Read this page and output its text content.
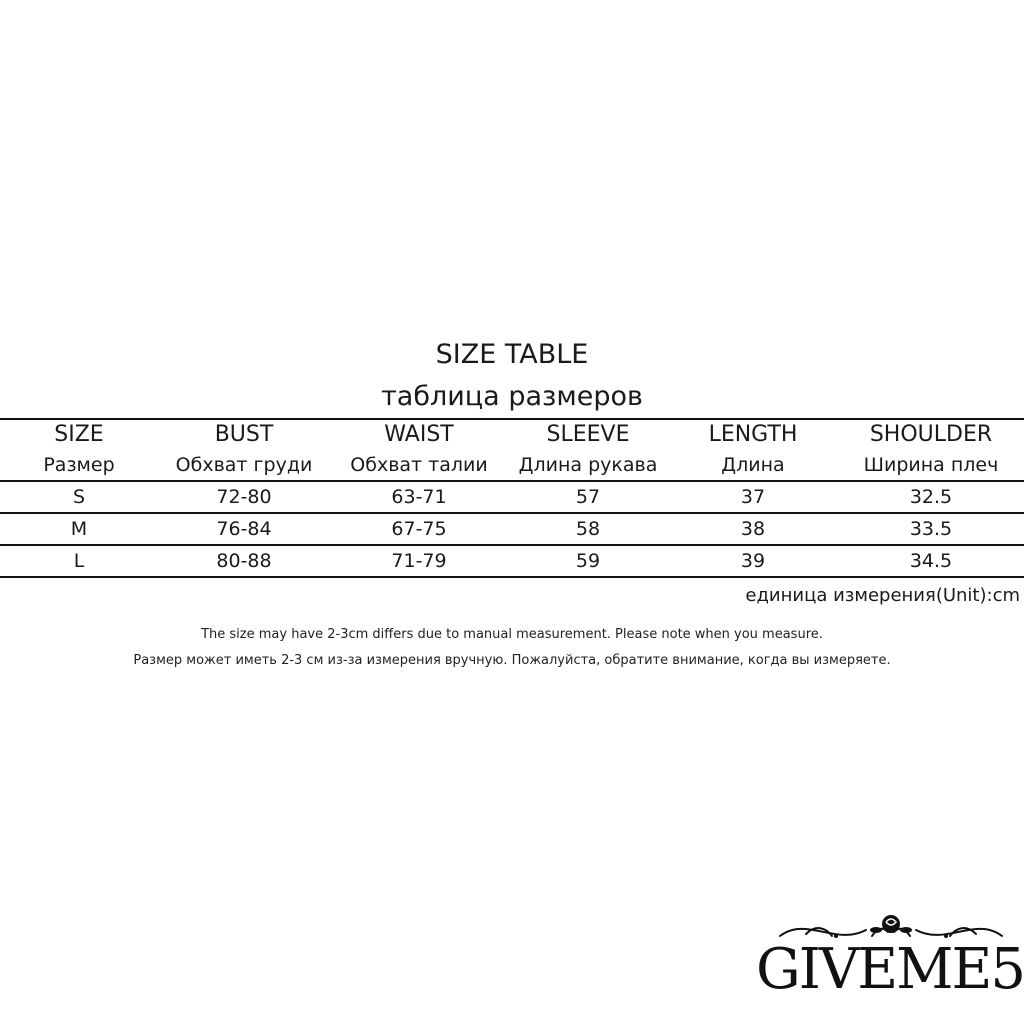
SIZE TABLE
таблица размеров
SIZE	BUST	WAIST	SLEEVE	LENGTH	SHOULDER
Размер	Обхват груди	Обхват талии	Длина рукава	Длина	Ширина плеч
S	72-80	63-71	57	37	32.5
M	76-84	67-75	58	38	33.5
L	80-88	71-79	59	39	34.5
единица измерения(Unit):cm
The size may have 2-3cm differs due to manual measurement. Please note when you measure.
Размер может иметь 2-3 см из-за измерения вручную. Пожалуйста, обратите внимание, когда вы измеряете.
GIVEME5
